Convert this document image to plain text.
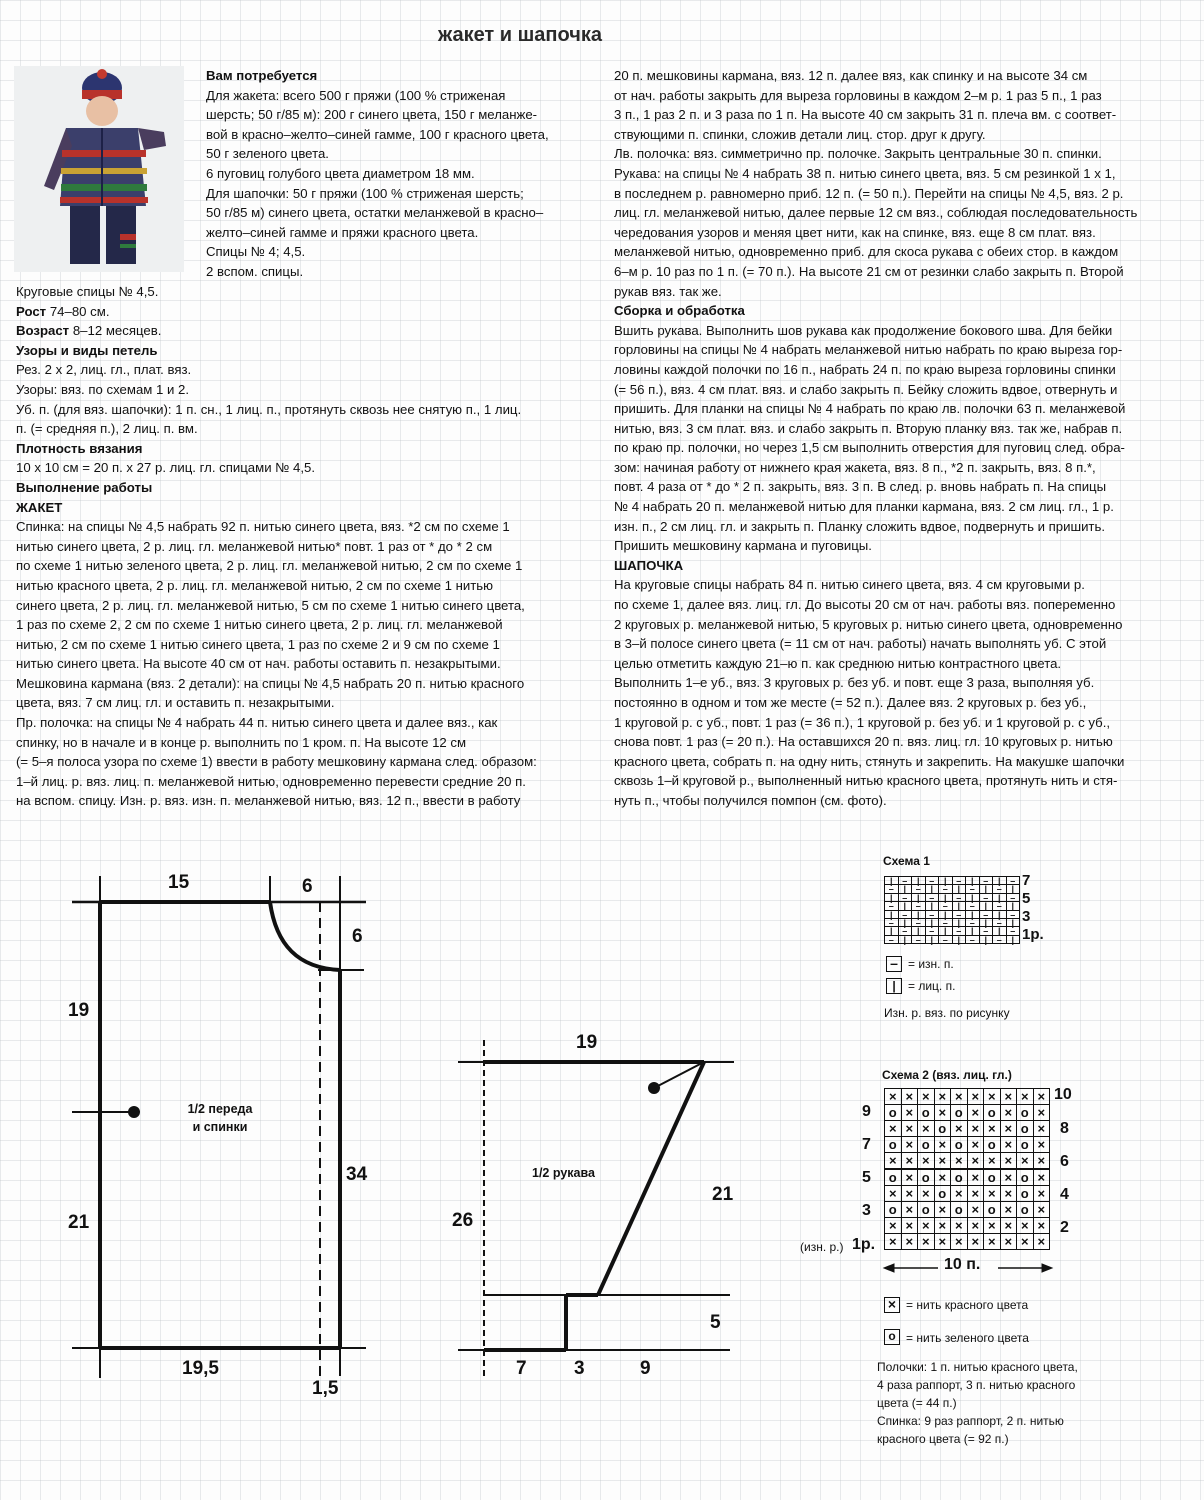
жакет и шапочка

Вам потребуется

Для жакета: всего 500 г пряжи (100 % стриженая

шерсть; 50 г/85 м): 200 г синего цвета, 150 г меланже-

вой в красно–желто–синей гамме, 100 г красного цвета,

50 г зеленого цвета.

6 пуговиц голубого цвета диаметром 18 мм.

Для шапочки: 50 г пряжи (100 % стриженая шерсть;

50 г/85 м) синего цвета, остатки меланжевой в красно–

желто–синей гамме и пряжи красного цвета.

Спицы № 4; 4,5.

2 вспом. спицы.

Круговые спицы № 4,5.

Рост 74–80 см.

Возраст 8–12 месяцев.

Узоры и виды петель

Рез. 2 х 2, лиц. гл., плат. вяз.

Узоры: вяз. по схемам 1 и 2.

Уб. п. (для вяз. шапочки): 1 п. сн., 1 лиц. п., протянуть сквозь нее снятую п., 1 лиц.

п. (= средняя п.), 2 лиц. п. вм.

Плотность вязания

10 х 10 см = 20 п. х 27 р. лиц. гл. спицами № 4,5.

Выполнение работы

ЖАКЕТ

Спинка: на спицы № 4,5 набрать 92 п. нитью синего цвета, вяз. *2 см по схеме 1

нитью синего цвета, 2 р. лиц. гл. меланжевой нитью* повт. 1 раз от * до * 2 см

по схеме 1 нитью зеленого цвета, 2 р. лиц. гл. меланжевой нитью, 2 см по схеме 1

нитью красного цвета, 2 р. лиц. гл. меланжевой нитью, 2 см по схеме 1 нитью

синего цвета, 2 р. лиц. гл. меланжевой нитью, 5 см по схеме 1 нитью синего цвета,

1 раз по схеме 2, 2 см по схеме 1 нитью синего цвета, 2 р. лиц. гл. меланжевой

нитью, 2 см по схеме 1 нитью синего цвета, 1 раз по схеме 2 и 9 см по схеме 1

нитью синего цвета. На высоте 40 см от нач. работы оставить п. незакрытыми.

Мешковина кармана (вяз. 2 детали): на спицы № 4,5 набрать 20 п. нитью красного

цвета, вяз. 7 см лиц. гл. и оставить п. незакрытыми.

Пр. полочка: на спицы № 4 набрать 44 п. нитью синего цвета и далее вяз., как

спинку, но в начале и в конце р. выполнить по 1 кром. п. На высоте 12 см

(= 5–я полоса узора по схеме 1) ввести в работу мешковину кармана след. образом:

1–й лиц. р. вяз. лиц. п. меланжевой нитью, одновременно перевести средние 20 п.

на вспом. спицу. Изн. р. вяз. изн. п. меланжевой нитью, вяз. 12 п., ввести в работу

20 п. мешковины кармана, вяз. 12 п. далее вяз, как спинку и на высоте 34 см

от нач. работы закрыть для выреза горловины в каждом 2–м р. 1 раз 5 п., 1 раз

3 п., 1 раз 2 п. и 3 раза по 1 п. На высоте 40 см закрыть 31 п. плеча вм. с соответ-

ствующими п. спинки, сложив детали лиц. стор. друг к другу.

Лв. полочка: вяз. симметрично пр. полочке. Закрыть центральные 30 п. спинки.

Рукава: на спицы № 4 набрать 38 п. нитью синего цвета, вяз. 5 см резинкой 1 х 1,

в последнем р. равномерно приб. 12 п. (= 50 п.). Перейти на спицы № 4,5, вяз. 2 р.

лиц. гл. меланжевой нитью, далее первые 12 см вяз., соблюдая последовательность

чередования узоров и меняя цвет нити, как на спинке, вяз. еще 8 см плат. вяз.

меланжевой нитью, одновременно приб. для скоса рукава с обеих стор. в каждом

6–м р. 10 раз по 1 п. (= 70 п.). На высоте 21 см от резинки слабо закрыть п. Второй

рукав вяз. так же.

Сборка и обработка

Вшить рукава. Выполнить шов рукава как продолжение бокового шва. Для бейки

горловины на спицы № 4 набрать меланжевой нитью набрать по краю выреза гор-

ловины каждой полочки по 16 п., набрать 24 п. по краю выреза горловины спинки

(= 56 п.), вяз. 4 см плат. вяз. и слабо закрыть п. Бейку сложить вдвое, отвернуть и

пришить. Для планки на спицы № 4 набрать по краю лв. полочки 63 п. меланжевой

нитью, вяз. 3 см плат. вяз. и слабо закрыть п. Вторую планку вяз. так же, набрав п.

по краю пр. полочки, но через 1,5 см выполнить отверстия для пуговиц след. обра-

зом: начиная работу от нижнего края жакета, вяз. 8 п., *2 п. закрыть, вяз. 8 п.*,

повт. 4 раза от * до * 2 п. закрыть, вяз. 3 п. В след. р. вновь набрать п. На спицы

№ 4 набрать 20 п. меланжевой нитью для планки кармана, вяз. 2 см лиц. гл., 1 р.

изн. п., 2 см лиц. гл. и закрыть п. Планку сложить вдвое, подвернуть и пришить.

Пришить мешковину кармана и пуговицы.

ШАПОЧКА

На круговые спицы набрать 84 п. нитью синего цвета, вяз. 4 см круговыми р.

по схеме 1, далее вяз. лиц. гл. До высоты 20 см от нач. работы вяз. попеременно

2 круговых р. меланжевой нитью, 5 круговых р. нитью синего цвета, одновременно

в 3–й полосе синего цвета (= 11 см от нач. работы) начать выполнять уб. С этой

целью отметить каждую 21–ю п. как среднюю нитью контрастного цвета.

Выполнить 1–е уб., вяз. 3 круговых р. без уб. и повт. еще 3 раза, выполняя уб.

постоянно в одном и том же месте (= 52 п.). Далее вяз. 2 круговых р. без уб.,

1 круговой р. с уб., повт. 1 раз (= 36 п.), 1 круговой р. без уб. и 1 круговой р. с уб.,

снова повт. 1 раз (= 20 п.). На оставшихся 20 п. вяз. лиц. гл. 10 круговых р. нитью

красного цвета, собрать п. на одну нить, стянуть и закрепить. На макушке шапочки

сквозь 1–й круговой р., выполненный нитью красного цвета, протянуть нить и стя-

нуть п., чтобы получился помпон (см. фото).

15	6
6
19
21
34
19,5
1,5
1/2 переда
и спинки
19
26
21
5
7 3	9
1/2 рукава
Схема 1
|	–	|	–	|	–	|	–	|	–
–	|	–	|	–	|	–	|	–	|
|	–	|	–	|	–	|	–	|	–
–	|	–	|	–	|	–	|	–	|
|	–	|	–	|	–	|	–	|	–
–	|	–	|	–	|	–	|	–	|
|	–	|	–	|	–	|	–	|	–
–	|	–	|	–	|	–	|	–	|
7
5
3
1р.
– = изн. п.
|	= лиц. п.
Изн. р. вяз. по рисунку
Схема 2 (вяз. лиц. гл.)
× × × × × × × × × ×
o × o × o × o × o ×
× × × o × × × × o ×
o × o × o × o × o ×
× × × × × × × × × ×
o × o × o × o × o ×
× × × o × × × × o ×
o × o × o × o × o ×
× × × × × × × × × ×
× × × × × × × × × ×
10
8
6
4
2
9
7
5
3
1р.
(изн. р.)
10 п.
× = нить красного цвета
o = нить зеленого цвета
Полочки: 1 п. нитью красного цвета,
4 раза раппорт, 3 п. нитью красного
цвета (= 44 п.)
Спинка: 9 раз раппорт, 2 п. нитью
красного цвета (= 92 п.)
